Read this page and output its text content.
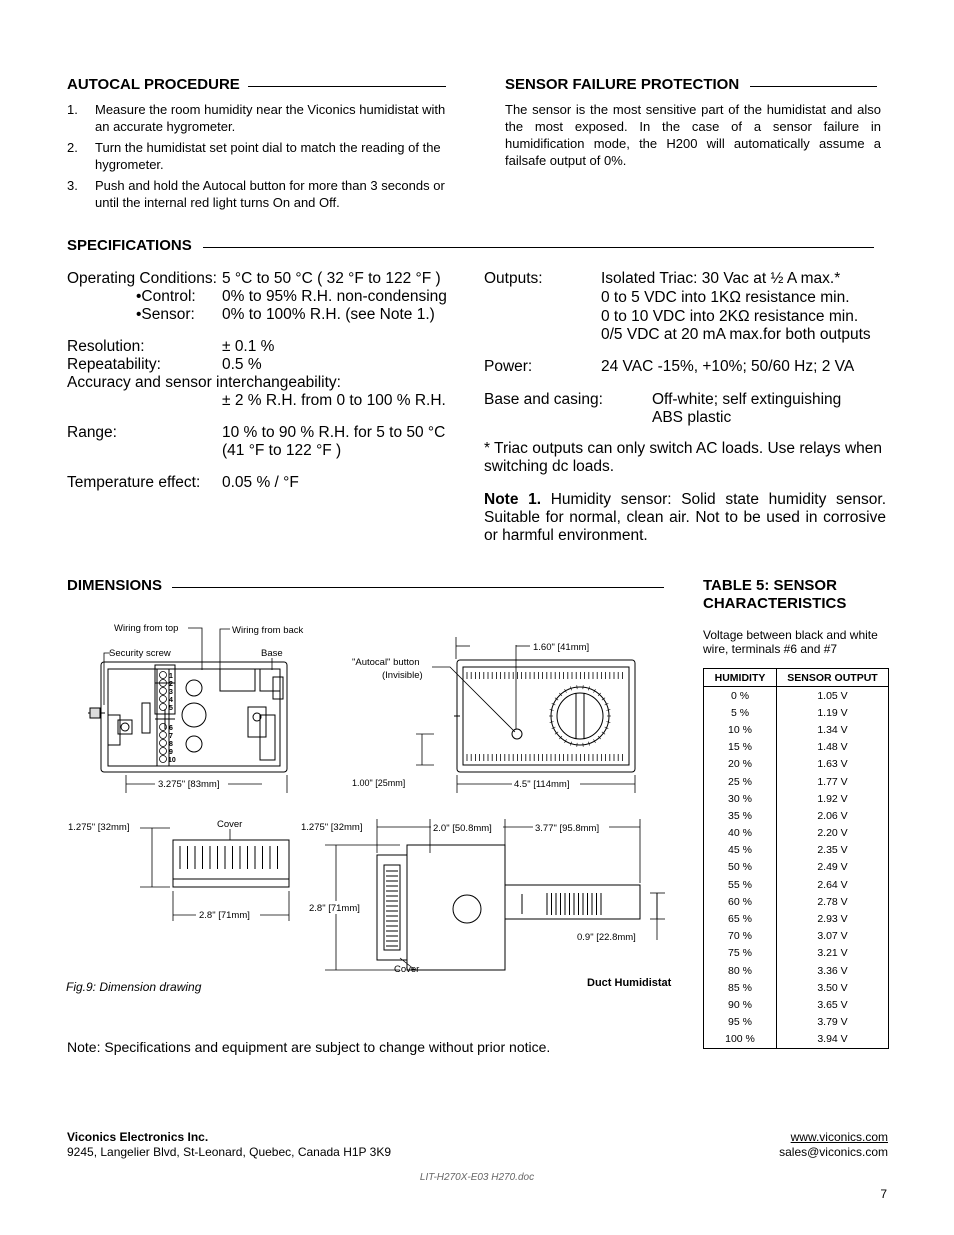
AUTOCAL PROCEDURE
1. Measure the room humidity near the Viconics humidistat with an accurate hygrometer.
2. Turn the humidistat set point dial to match the reading of the hygrometer.
3. Push and hold the Autocal button for more than 3 seconds or until the internal red light turns On and Off.
SENSOR FAILURE PROTECTION
The sensor is the most sensitive part of the humidistat and also the most exposed. In the case of a sensor failure in humidification mode, the H200 will automatically assume a failsafe output of 0%.
SPECIFICATIONS
Operating Conditions: 5 °C to 50 °C ( 32 °F to 122 °F )
•Control: 0% to 95% R.H. non-condensing
•Sensor: 0% to 100% R.H. (see Note 1.)
Resolution:	± 0.1 %
Repeatability:	0.5 %
Accuracy and sensor interchangeability:
± 2 % R.H. from 0 to 100 % R.H.
Range:	10 % to 90 % R.H. for 5 to 50 °C
(41 °F to 122 °F )
Temperature effect: 0.05 % / °F
Outputs:	Isolated Triac: 30 Vac at ½ A max.*
0 to 5 VDC into 1KΩ resistance min.
0 to 10 VDC into 2KΩ resistance min.
0/5 VDC at 20 mA max.for both outputs
Power:	24 VAC -15%, +10%; 50/60 Hz; 2 VA
Base and casing:	Off-white; self extinguishing
ABS plastic
* Triac outputs can only switch AC loads. Use relays when switching dc loads.
Note 1. Humidity sensor: Solid state humidity sensor. Suitable for normal, clean air. Not to be used in corrosive or harmful environment.
DIMENSIONS
1
2
3
4
5
6
7
8
9
10
Wiring from top	Wiring from back
Security screw	Base
3.275" [83mm]
1.60" [41mm]
"Autocal" button
(Invisible)
1.00" [25mm]	4.5" [114mm]
1.275" [32mm]	Cover
2.8" [71mm]
1.275" [32mm]	2.0" [50.8mm]	3.77" [95.8mm]
2.8" [71mm]
0.9" [22.8mm]
Cover
Duct Humidistat
Fig.9: Dimension drawing
TABLE 5: SENSOR
CHARACTERISTICS
Voltage between black and white wire, terminals #6 and #7
HUMIDITY	SENSOR OUTPUT
0 %	1.05 V
5 %	1.19 V
10 %	1.34 V
15 %	1.48 V
20 %	1.63 V
25 %	1.77 V
30 %	1.92 V
35 %	2.06 V
40 %	2.20 V
45 %	2.35 V
50 %	2.49 V
55 %	2.64 V
60 %	2.78 V
65 %	2.93 V
70 %	3.07 V
75 %	3.21 V
80 %	3.36 V
85 %	3.50 V
90 %	3.65 V
95 %	3.79 V
100 %	3.94 V
Note: Specifications and equipment are subject to change without prior notice.
Viconics Electronics Inc.
9245, Langelier Blvd, St-Leonard, Quebec, Canada H1P 3K9
www.viconics.com
sales@viconics.com
LIT-H270X-E03 H270.doc
7
